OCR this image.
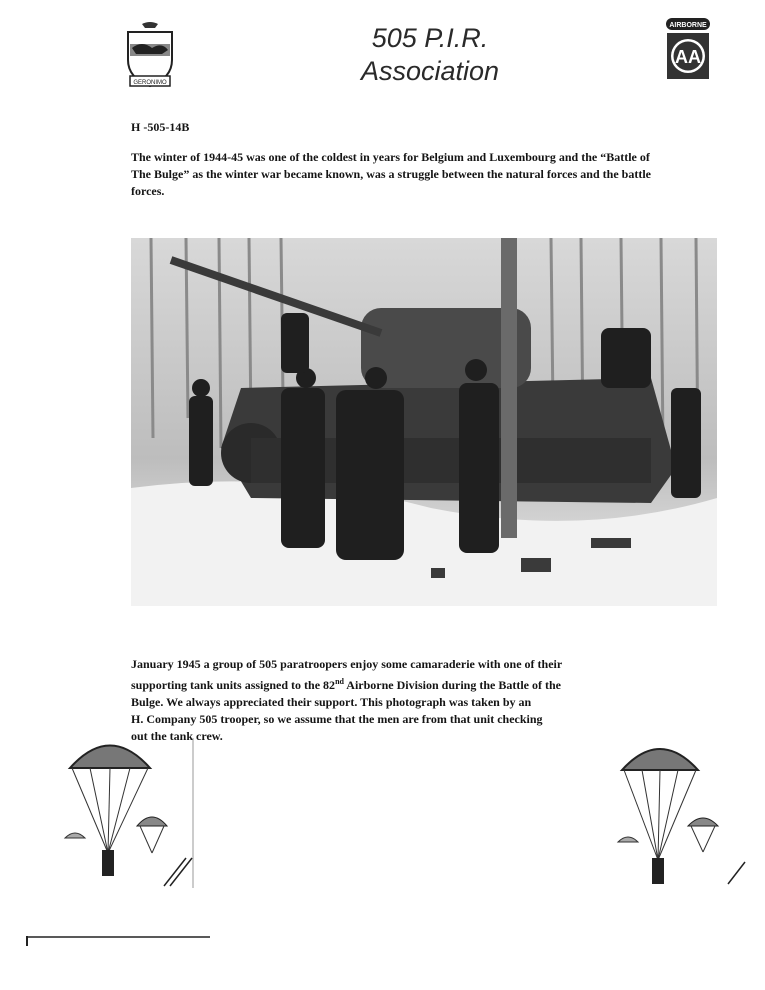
GERONIMO
505 P.I.R.
Association
AIRBORNE
AA
H -505-14B
The winter of 1944-45 was one of the coldest in years for Belgium and Luxembourg and the “Battle of The Bulge” as the winter war became known, was a struggle between the natural forces and the battle forces.
January 1945 a group of 505 paratroopers enjoy some camaraderie with one of their
supporting tank units assigned to the 82nd Airborne Division during the Battle of the
Bulge. We always appreciated their support. This photograph was taken by an
H. Company 505 trooper, so we assume that the men are from that unit checking
out the tank crew.
